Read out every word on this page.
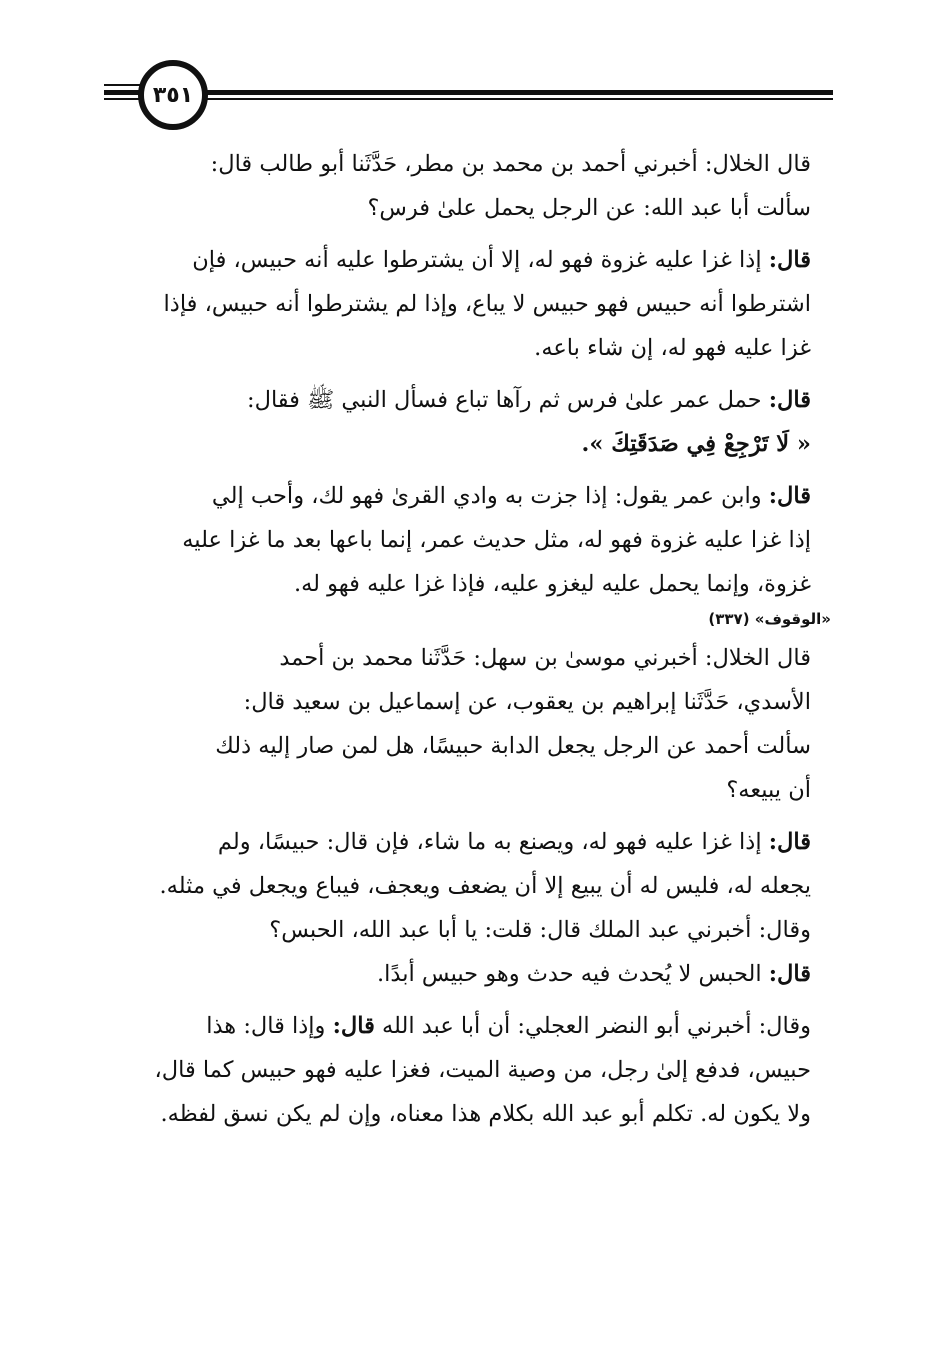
٣٥١
قال الخلال: أخبرني أحمد بن محمد بن مطر، حَدَّثَنا أبو طالب قال:
سألت أبا عبد الله: عن الرجل يحمل علىٰ فرس؟
قال: إذا غزا عليه غزوة فهو له، إلا أن يشترطوا عليه أنه حبيس، فإن
اشترطوا أنه حبيس فهو حبيس لا يباع، وإذا لم يشترطوا أنه حبيس، فإذا
غزا عليه فهو له، إن شاء باعه.
قال: حمل عمر علىٰ فرس ثم رآها تباع فسأل النبي ﷺ فقال:
« لَا تَرْجِعْ فِي صَدَقَتِكَ ».
قال: وابن عمر يقول: إذا جزت به وادي القرىٰ فهو لك، وأحب إلي
إذا غزا عليه غزوة فهو له، مثل حديث عمر، إنما باعها بعد ما غزا عليه
غزوة، وإنما يحمل عليه ليغزو عليه، فإذا غزا عليه فهو له.
«الوقوف» (٣٣٧)
قال الخلال: أخبرني موسىٰ بن سهل: حَدَّثَنا محمد بن أحمد
الأسدي، حَدَّثَنا إبراهيم بن يعقوب، عن إسماعيل بن سعيد قال:
سألت أحمد عن الرجل يجعل الدابة حبيسًا، هل لمن صار إليه ذلك
أن يبيعه؟
قال: إذا غزا عليه فهو له، ويصنع به ما شاء، فإن قال: حبيسًا، ولم
يجعله له، فليس له أن يبيع إلا أن يضعف ويعجف، فيباع ويجعل في مثله.
وقال: أخبرني عبد الملك قال: قلت: يا أبا عبد الله، الحبس؟
قال: الحبس لا يُحدث فيه حدث وهو حبيس أبدًا.
وقال: أخبرني أبو النضر العجلي: أن أبا عبد الله قال: وإذا قال: هذا
حبيس، فدفع إلىٰ رجل، من وصية الميت، فغزا عليه فهو حبيس كما قال،
ولا يكون له. تكلم أبو عبد الله بكلام هذا معناه، وإن لم يكن نسق لفظه.
